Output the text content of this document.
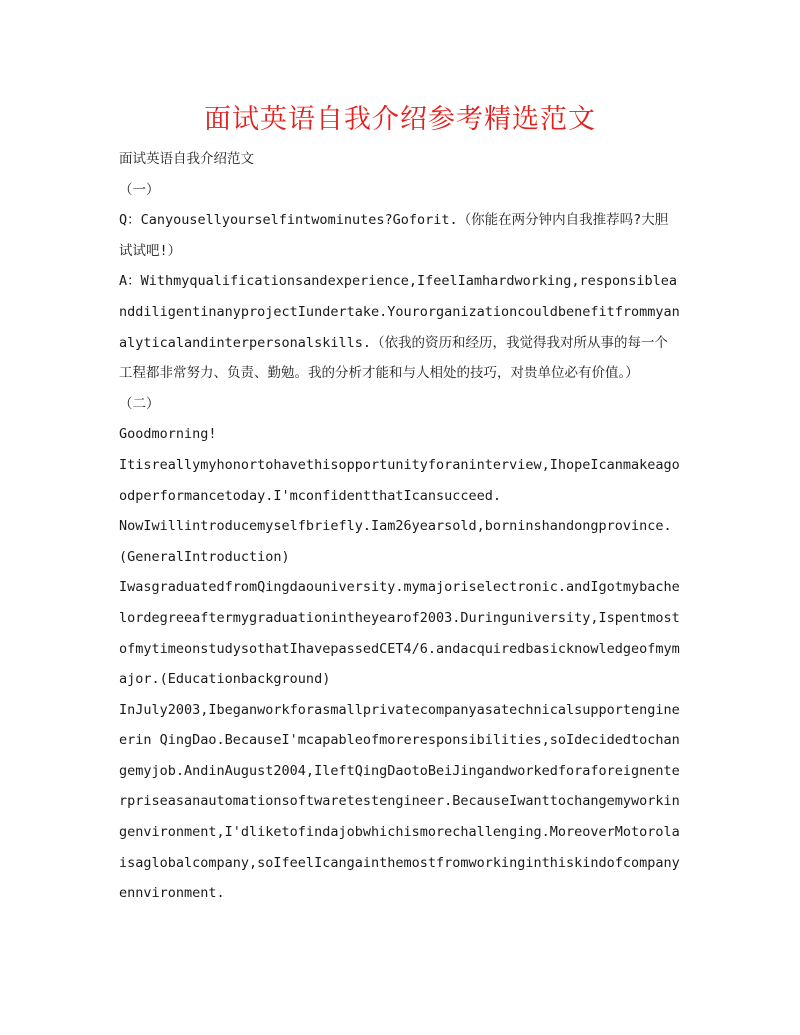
面试英语自我介绍参考精选范文

面试英语自我介绍范文

（一）

Q：Canyousellyourselfintwominutes?Goforit.（你能在两分钟内自我推荐吗?大胆试试吧!）

A：Withmyqualificationsandexperience,IfeelIamhardworking,responsibleanddiligentinanyprojectIundertake.Yourorganizationcouldbenefitfrommyanalyticalandinterpersonalskills.（依我的资历和经历，我觉得我对所从事的每一个工程都非常努力、负责、勤勉。我的分析才能和与人相处的技巧，对贵单位必有价值。）

（二）

Goodmorning!

Itisreallymyhonortohavethisopportunityforaninterview,IhopeIcanmakeagoodperformancetoday.I'mconfidentthatIcansucceed.

NowIwillintroducemyselfbriefly.Iam26yearsold,borninshandongprovince.(GeneralIntroduction)

IwasgraduatedfromQingdaouniversity.mymajoriselectronic.andIgotmybachelordegreeaftermygraduationintheyearof2003.Duringuniversity,IspentmostofmytimeonstudysothatIhavepassedCET4/6.andacquiredbasicknowledgeofmymajor.(Educationbackground)

InJuly2003,Ibeganworkforasmallprivatecompanyasatechnicalsupportengineerin QingDao.BecauseI'mcapableofmoreresponsibilities,soIdecidedtochangemyjob.AndinAugust2004,IleftQingDaotoBeiJingandworkedforaforeignenterpriseasanautomationsoftwaretestengineer.BecauseIwanttochangemyworkingenvironment,I'dliketofindajobwhichismorechallenging.MoreoverMotorolaisaglobalcompany,soIfeelIcangainthemostfromworkinginthiskindofcompanyennvironment.
